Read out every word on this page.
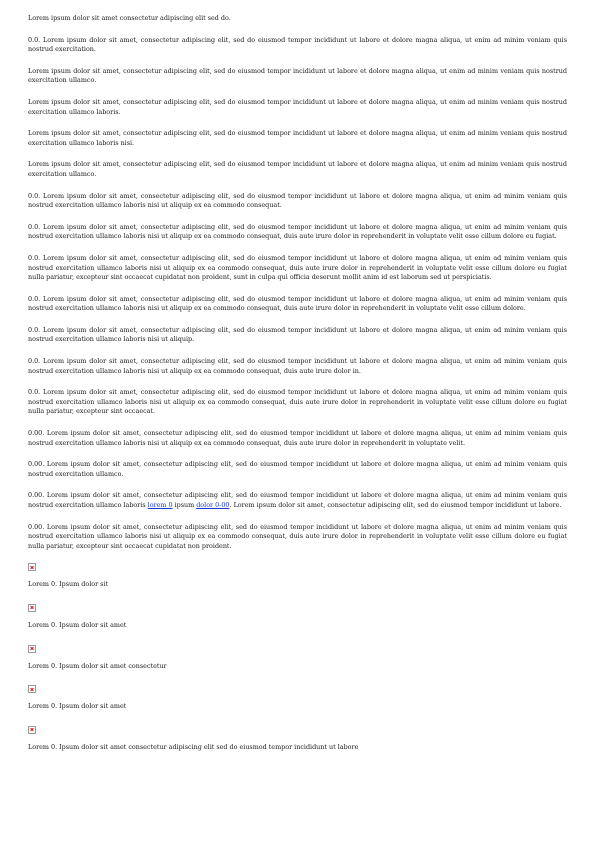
Lorem ipsum dolor sit amet consectetur adipiscing elit sed do.

0.0. Lorem ipsum dolor sit amet, consectetur adipiscing elit, sed do eiusmod tempor incididunt ut labore et dolore magna aliqua, ut enim ad minim veniam quis nostrud exercitation.

Lorem ipsum dolor sit amet, consectetur adipiscing elit, sed do eiusmod tempor incididunt ut labore et dolore magna aliqua, ut enim ad minim veniam quis nostrud exercitation ullamco.

Lorem ipsum dolor sit amet, consectetur adipiscing elit, sed do eiusmod tempor incididunt ut labore et dolore magna aliqua, ut enim ad minim veniam quis nostrud exercitation ullamco laboris.

Lorem ipsum dolor sit amet, consectetur adipiscing elit, sed do eiusmod tempor incididunt ut labore et dolore magna aliqua, ut enim ad minim veniam quis nostrud exercitation ullamco laboris nisi.

Lorem ipsum dolor sit amet, consectetur adipiscing elit, sed do eiusmod tempor incididunt ut labore et dolore magna aliqua, ut enim ad minim veniam quis nostrud exercitation ullamco.

0.0. Lorem ipsum dolor sit amet, consectetur adipiscing elit, sed do eiusmod tempor incididunt ut labore et dolore magna aliqua, ut enim ad minim veniam quis nostrud exercitation ullamco laboris nisi ut aliquip ex ea commodo consequat.

0.0. Lorem ipsum dolor sit amet, consectetur adipiscing elit, sed do eiusmod tempor incididunt ut labore et dolore magna aliqua, ut enim ad minim veniam quis nostrud exercitation ullamco laboris nisi ut aliquip ex ea commodo consequat, duis aute irure dolor in reprehenderit in voluptate velit esse cillum dolore eu fugiat.

0.0. Lorem ipsum dolor sit amet, consectetur adipiscing elit, sed do eiusmod tempor incididunt ut labore et dolore magna aliqua, ut enim ad minim veniam quis nostrud exercitation ullamco laboris nisi ut aliquip ex ea commodo consequat, duis aute irure dolor in reprehenderit in voluptate velit esse cillum dolore eu fugiat nulla pariatur, excepteur sint occaecat cupidatat non proident, sunt in culpa qui officia deserunt mollit anim id est laborum sed ut perspiciatis.

0.0. Lorem ipsum dolor sit amet, consectetur adipiscing elit, sed do eiusmod tempor incididunt ut labore et dolore magna aliqua, ut enim ad minim veniam quis nostrud exercitation ullamco laboris nisi ut aliquip ex ea commodo consequat, duis aute irure dolor in reprehenderit in voluptate velit esse cillum dolore.

0.0. Lorem ipsum dolor sit amet, consectetur adipiscing elit, sed do eiusmod tempor incididunt ut labore et dolore magna aliqua, ut enim ad minim veniam quis nostrud exercitation ullamco laboris nisi ut aliquip.

0.0. Lorem ipsum dolor sit amet, consectetur adipiscing elit, sed do eiusmod tempor incididunt ut labore et dolore magna aliqua, ut enim ad minim veniam quis nostrud exercitation ullamco laboris nisi ut aliquip ex ea commodo consequat, duis aute irure dolor in.

0.0. Lorem ipsum dolor sit amet, consectetur adipiscing elit, sed do eiusmod tempor incididunt ut labore et dolore magna aliqua, ut enim ad minim veniam quis nostrud exercitation ullamco laboris nisi ut aliquip ex ea commodo consequat, duis aute irure dolor in reprehenderit in voluptate velit esse cillum dolore eu fugiat nulla pariatur, excepteur sint occaecat.

0.00. Lorem ipsum dolor sit amet, consectetur adipiscing elit, sed do eiusmod tempor incididunt ut labore et dolore magna aliqua, ut enim ad minim veniam quis nostrud exercitation ullamco laboris nisi ut aliquip ex ea commodo consequat, duis aute irure dolor in reprehenderit in voluptate velit.

0.00. Lorem ipsum dolor sit amet, consectetur adipiscing elit, sed do eiusmod tempor incididunt ut labore et dolore magna aliqua, ut enim ad minim veniam quis nostrud exercitation ullamco.

0.00. Lorem ipsum dolor sit amet, consectetur adipiscing elit, sed do eiusmod tempor incididunt ut labore et dolore magna aliqua, ut enim ad minim veniam quis nostrud exercitation ullamco laboris lorem 0 ipsum dolor 0-00. Lorem ipsum dolor sit amet, consectetur adipiscing elit, sed do eiusmod tempor incididunt ut labore.

0.00. Lorem ipsum dolor sit amet, consectetur adipiscing elit, sed do eiusmod tempor incididunt ut labore et dolore magna aliqua, ut enim ad minim veniam quis nostrud exercitation ullamco laboris nisi ut aliquip ex ea commodo consequat, duis aute irure dolor in reprehenderit in voluptate velit esse cillum dolore eu fugiat nulla pariatur, excepteur sint occaecat cupidatat non proident.

Lorem 0. Ipsum dolor sit

Lorem 0. Ipsum dolor sit amet

Lorem 0. Ipsum dolor sit amet consectetur

Lorem 0. Ipsum dolor sit amet

Lorem 0. Ipsum dolor sit amet consectetur adipiscing elit sed do eiusmod tempor incididunt ut labore
